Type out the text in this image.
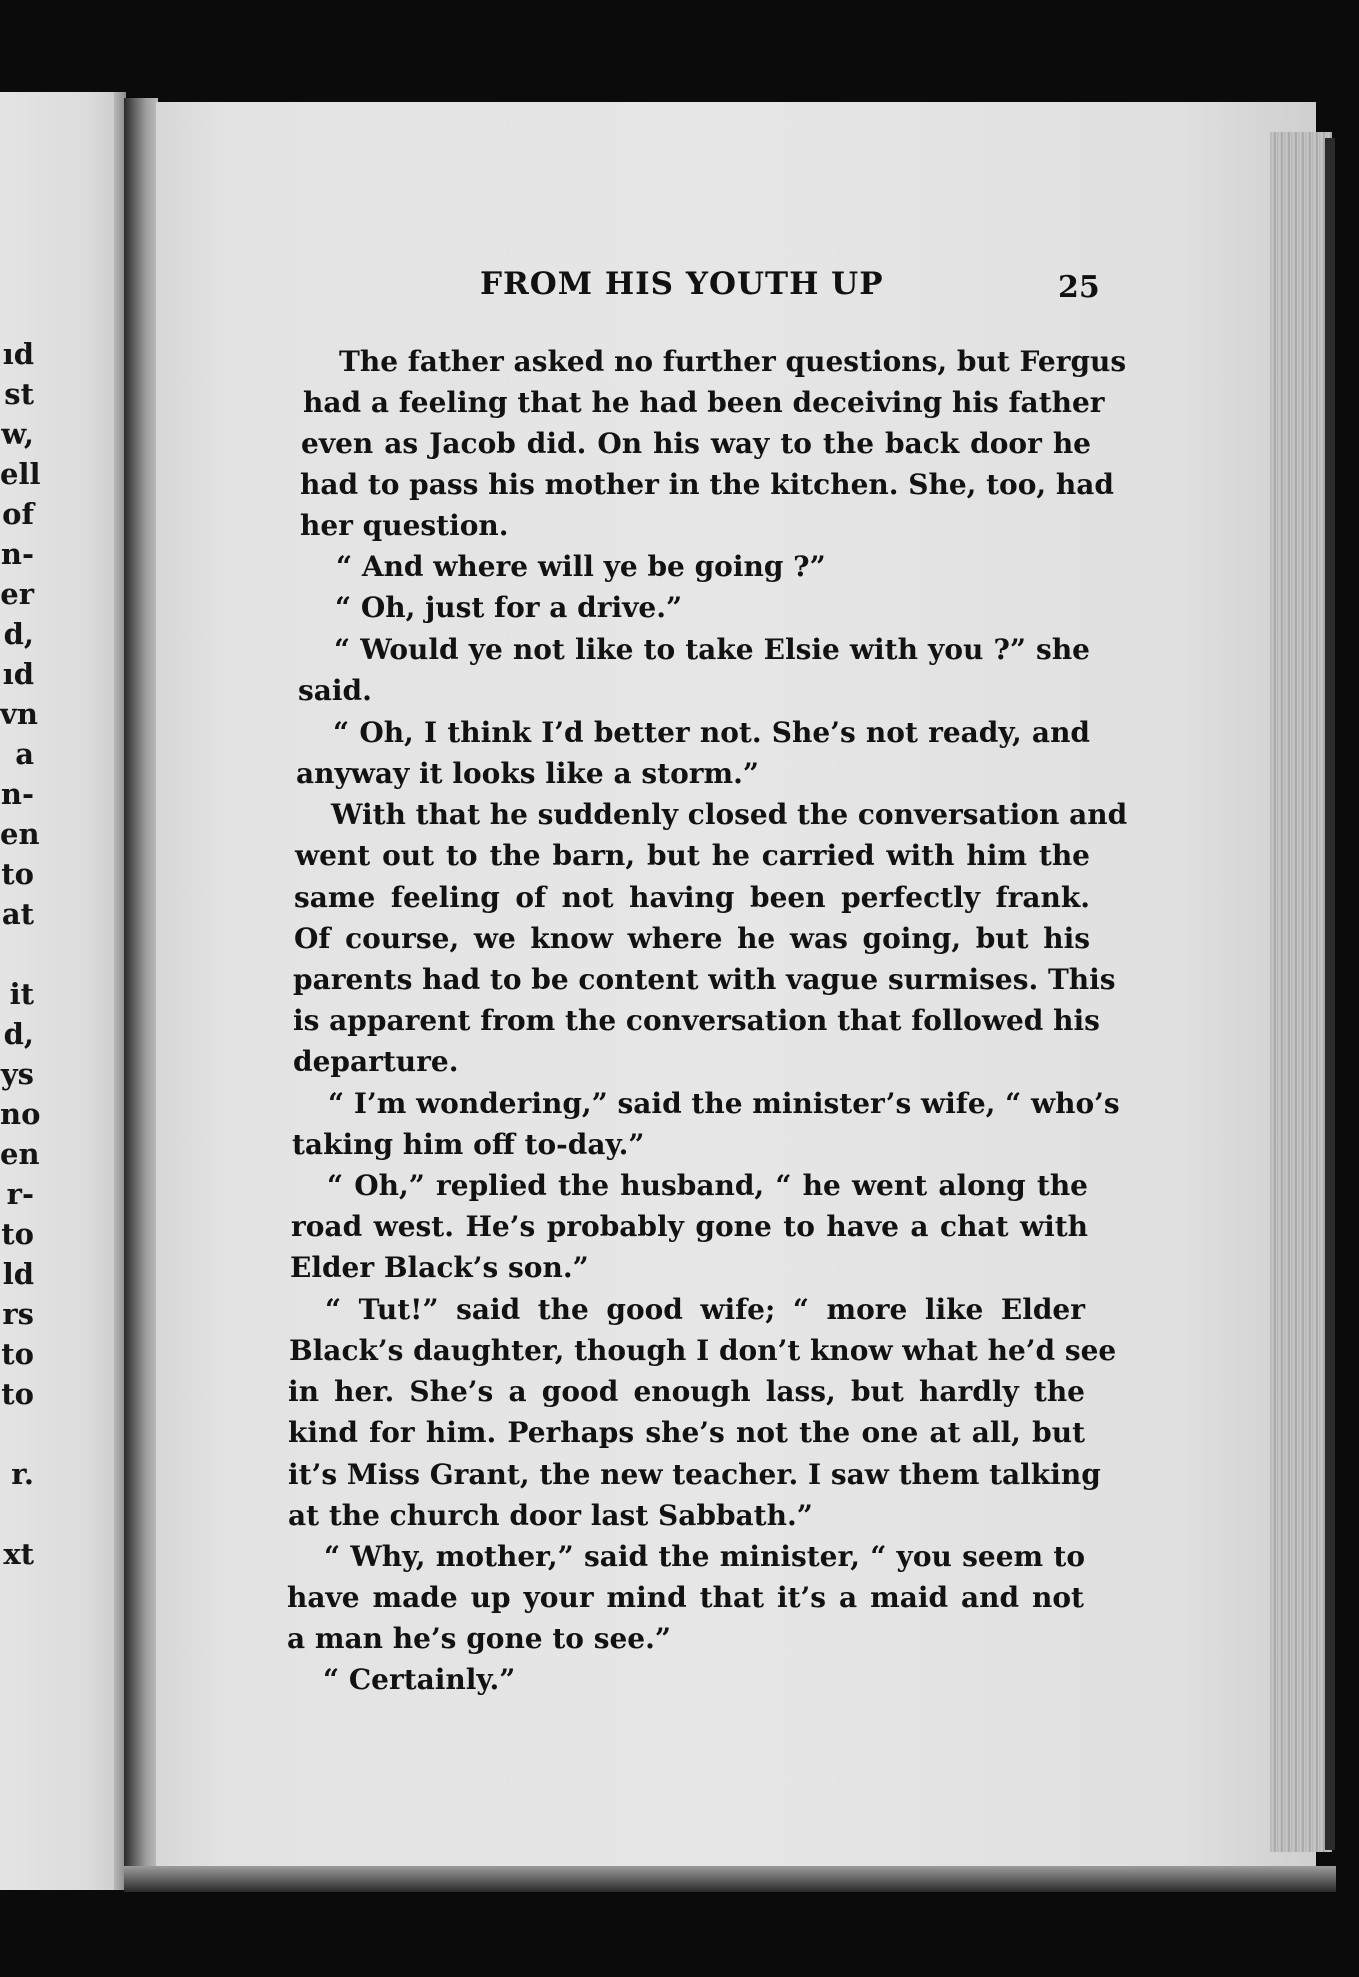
ıd
st
w,
ell
of
n-
er
d,
ıd
vn
a
n-
en
to
at
it
d,
ys
no
en
r-
to
ld
rs
to
to
r.
xt
FROM HIS YOUTH UP	25
The father asked no further questions, but Fergus
had a feeling that he had been deceiving his father
even as Jacob did. On his way to the back door he
had to pass his mother in the kitchen. She, too, had
her question.
“ And where will ye be going ?”
“ Oh, just for a drive.”
“ Would ye not like to take Elsie with you ?” she
said.
“ Oh, I think I’d better not. She’s not ready, and
anyway it looks like a storm.”
With that he suddenly closed the conversation and
went out to the barn, but he carried with him the
same feeling of not having been perfectly frank.
Of course, we know where he was going, but his
parents had to be content with vague surmises. This
is apparent from the conversation that followed his
departure.
“ I’m wondering,” said the minister’s wife, “ who’s
taking him off to-day.”
“ Oh,” replied the husband, “ he went along the
road west. He’s probably gone to have a chat with
Elder Black’s son.”
“ Tut!” said the good wife; “ more like Elder
Black’s daughter, though I don’t know what he’d see
in her. She’s a good enough lass, but hardly the
kind for him. Perhaps she’s not the one at all, but
it’s Miss Grant, the new teacher. I saw them talking
at the church door last Sabbath.”
“ Why, mother,” said the minister, “ you seem to
have made up your mind that it’s a maid and not
a man he’s gone to see.”
“ Certainly.”
